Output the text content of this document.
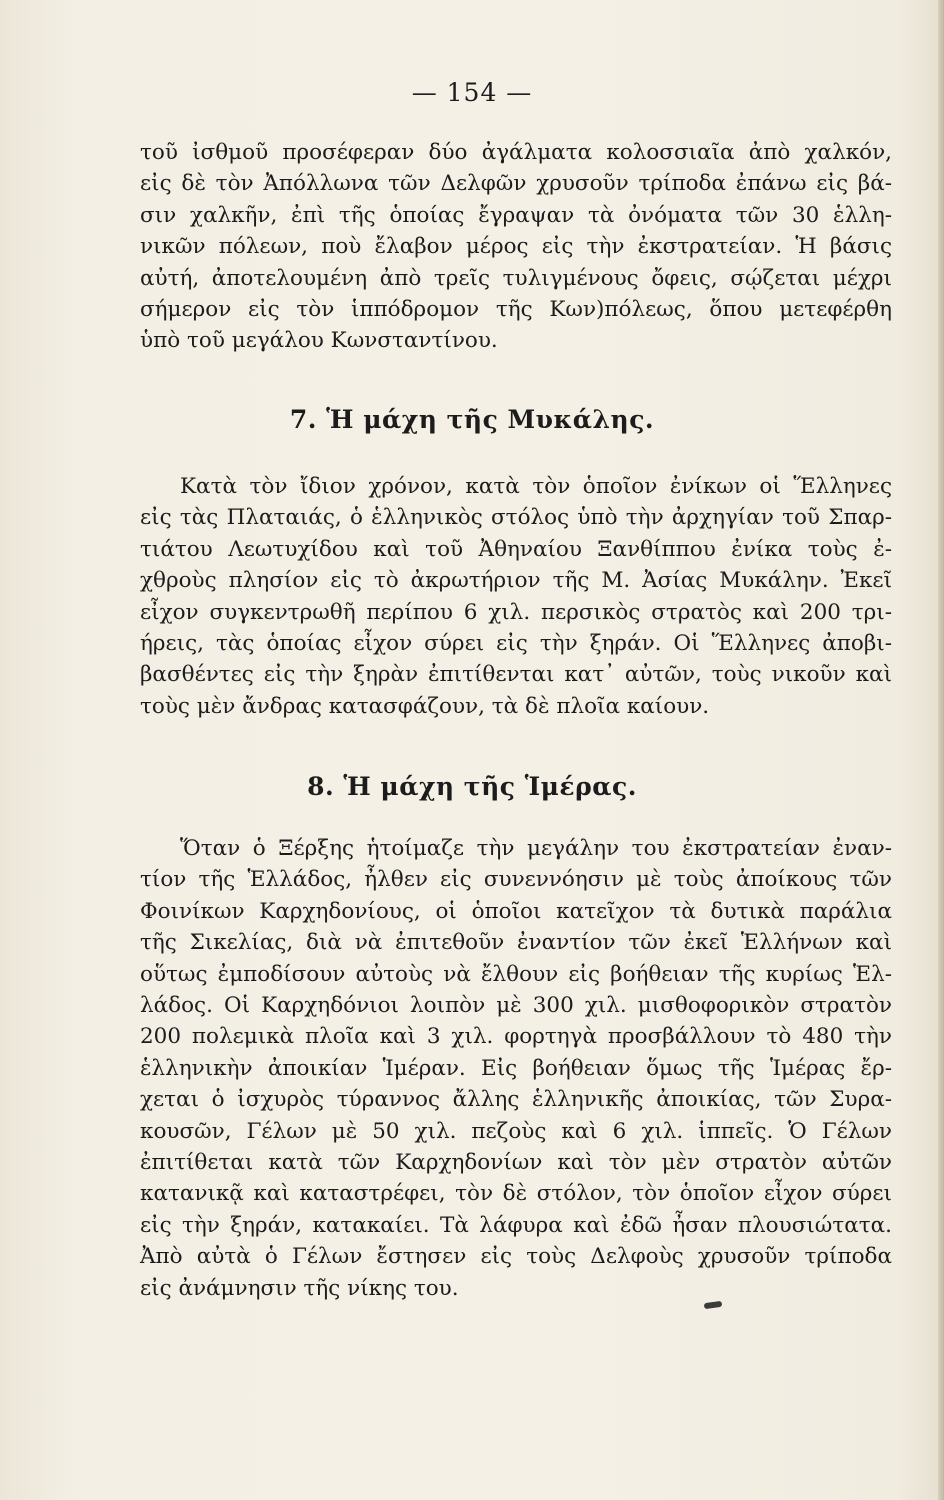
— 154 —
τοῦ ἰσθμοῦ προσέφεραν δύο ἀγάλματα κολοσσιαῖα ἀπὸ χαλκόν,
εἰς δὲ τὸν Ἀπόλλωνα τῶν Δελφῶν χρυσοῦν τρίποδα ἐπάνω εἰς βά-
σιν χαλκῆν, ἐπὶ τῆς ὁποίας ἔγραψαν τὰ ὀνόματα τῶν 30 ἑλλη-
νικῶν πόλεων, ποὺ ἔλαβον μέρος εἰς τὴν ἐκστρατείαν. Ἡ βάσις
αὐτή, ἀποτελουμένη ἀπὸ τρεῖς τυλιγμένους ὄφεις, σῴζεται μέχρι
σήμερον εἰς τὸν ἱππόδρομον τῆς Κων)πόλεως, ὅπου μετεφέρθη
ὑπὸ τοῦ μεγάλου Κωνσταντίνου.
7. Ἡ μάχη τῆς Μυκάλης.
Κατὰ τὸν ἴδιον χρόνον, κατὰ τὸν ὁποῖον ἐνίκων οἱ Ἕλληνες
εἰς τὰς Πλαταιάς, ὁ ἑλληνικὸς στόλος ὑπὸ τὴν ἀρχηγίαν τοῦ Σπαρ-
τιάτου Λεωτυχίδου καὶ τοῦ Ἀθηναίου Ξανθίππου ἐνίκα τοὺς ἐ-
χθροὺς πλησίον εἰς τὸ ἀκρωτήριον τῆς Μ. Ἀσίας Μυκάλην. Ἐκεῖ
εἶχον συγκεντρωθῆ περίπου 6 χιλ. περσικὸς στρατὸς καὶ 200 τρι-
ήρεις, τὰς ὁποίας εἶχον σύρει εἰς τὴν ξηράν. Οἱ Ἕλληνες ἀποβι-
βασθέντες εἰς τὴν ξηρὰν ἐπιτίθενται κατ᾽ αὐτῶν, τοὺς νικοῦν καὶ
τοὺς μὲν ἄνδρας κατασφάζουν, τὰ δὲ πλοῖα καίουν.
8. Ἡ μάχη τῆς Ἱμέρας.
Ὅταν ὁ Ξέρξης ἡτοίμαζε τὴν μεγάλην του ἐκστρατείαν ἐναν-
τίον τῆς Ἑλλάδος, ἦλθεν εἰς συνεννόησιν μὲ τοὺς ἀποίκους τῶν
Φοινίκων Καρχηδονίους, οἱ ὁποῖοι κατεῖχον τὰ δυτικὰ παράλια
τῆς Σικελίας, διὰ νὰ ἐπιτεθοῦν ἐναντίον τῶν ἐκεῖ Ἑλλήνων καὶ
οὕτως ἐμποδίσουν αὐτοὺς νὰ ἔλθουν εἰς βοήθειαν τῆς κυρίως Ἑλ-
λάδος. Οἱ Καρχηδόνιοι λοιπὸν μὲ 300 χιλ. μισθοφορικὸν στρατὸν
200 πολεμικὰ πλοῖα καὶ 3 χιλ. φορτηγὰ προσβάλλουν τὸ 480 τὴν
ἑλληνικὴν ἀποικίαν Ἱμέραν. Εἰς βοήθειαν ὅμως τῆς Ἱμέρας ἔρ-
χεται ὁ ἰσχυρὸς τύραννος ἄλλης ἑλληνικῆς ἀποικίας, τῶν Συρα-
κουσῶν, Γέλων μὲ 50 χιλ. πεζοὺς καὶ 6 χιλ. ἱππεῖς. Ὁ Γέλων
ἐπιτίθεται κατὰ τῶν Καρχηδονίων καὶ τὸν μὲν στρατὸν αὐτῶν
κατανικᾷ καὶ καταστρέφει, τὸν δὲ στόλον, τὸν ὁποῖον εἶχον σύρει
εἰς τὴν ξηράν, κατακαίει. Τὰ λάφυρα καὶ ἐδῶ ἦσαν πλουσιώτατα.
Ἀπὸ αὐτὰ ὁ Γέλων ἔστησεν εἰς τοὺς Δελφοὺς χρυσοῦν τρίποδα
εἰς ἀνάμνησιν τῆς νίκης του.
